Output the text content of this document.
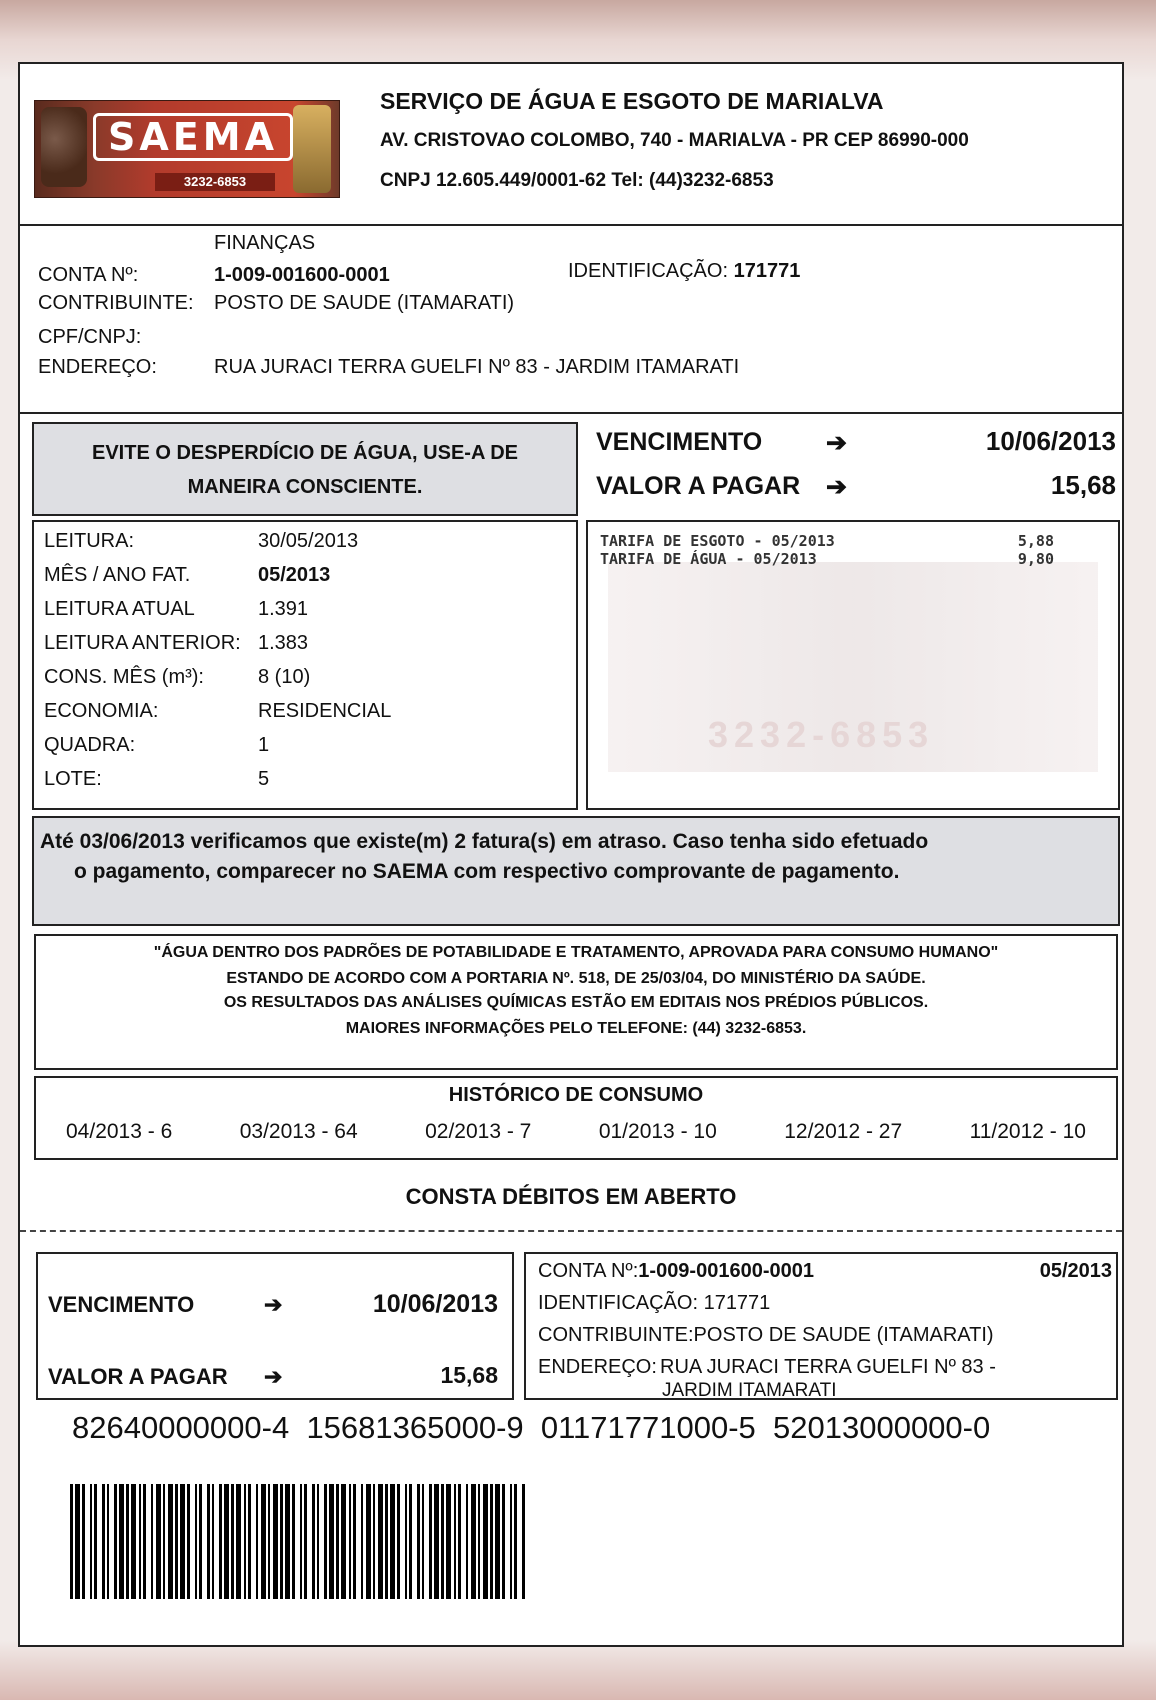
SAEMA
3232-6853
SERVIÇO DE ÁGUA E ESGOTO DE MARIALVA
AV. CRISTOVAO COLOMBO, 740 - MARIALVA - PR CEP 86990-000
CNPJ 12.605.449/0001-62 Tel: (44)3232-6853
FINANÇAS
CONTA Nº:	1-009-001600-0001	IDENTIFICAÇÃO: 171771
CONTRIBUINTE: POSTO DE SAUDE (ITAMARATI)
CPF/CNPJ:
ENDEREÇO:	RUA JURACI TERRA GUELFI Nº 83 - JARDIM ITAMARATI
EVITE O DESPERDÍCIO DE ÁGUA, USE-A DE
MANEIRA CONSCIENTE.
VENCIMENTO	➔	10/06/2013
VALOR A PAGAR ➔	15,68
LEITURA:	30/05/2013
MÊS / ANO FAT.	05/2013
LEITURA ATUAL	1.391
LEITURA ANTERIOR: 1.383
CONS. MÊS (m³):	8 (10)
ECONOMIA:	RESIDENCIAL
QUADRA:	1
LOTE:	5
3232-6853
TARIFA DE ESGOTO - 05/2013	5,88
TARIFA DE ÁGUA - 05/2013	9,80
Até 03/06/2013 verificamos que existe(m) 2 fatura(s) em atraso. Caso tenha sido efetuado
o pagamento, comparecer no SAEMA com respectivo comprovante de pagamento.
"ÁGUA DENTRO DOS PADRÕES DE POTABILIDADE E TRATAMENTO, APROVADA PARA CONSUMO HUMANO"
ESTANDO DE ACORDO COM A PORTARIA Nº. 518, DE 25/03/04, DO MINISTÉRIO DA SAÚDE.
OS RESULTADOS DAS ANÁLISES QUÍMICAS ESTÃO EM EDITAIS NOS PRÉDIOS PÚBLICOS.
MAIORES INFORMAÇÕES PELO TELEFONE: (44) 3232-6853.
HISTÓRICO DE CONSUMO
04/2013 - 6	03/2013 - 64	02/2013 - 7	01/2013 - 10	12/2012 - 27	11/2012 - 10
CONSTA DÉBITOS EM ABERTO
VENCIMENTO	➔	10/06/2013
VALOR A PAGAR ➔	15,68
CONTA Nº:1-009-001600-0001	05/2013
IDENTIFICAÇÃO: 171771
CONTRIBUINTE:POSTO DE SAUDE (ITAMARATI)
ENDEREÇO: RUA JURACI TERRA GUELFI Nº 83 -
JARDIM ITAMARATI
82640000000-4  15681365000-9  01171771000-5  52013000000-0
